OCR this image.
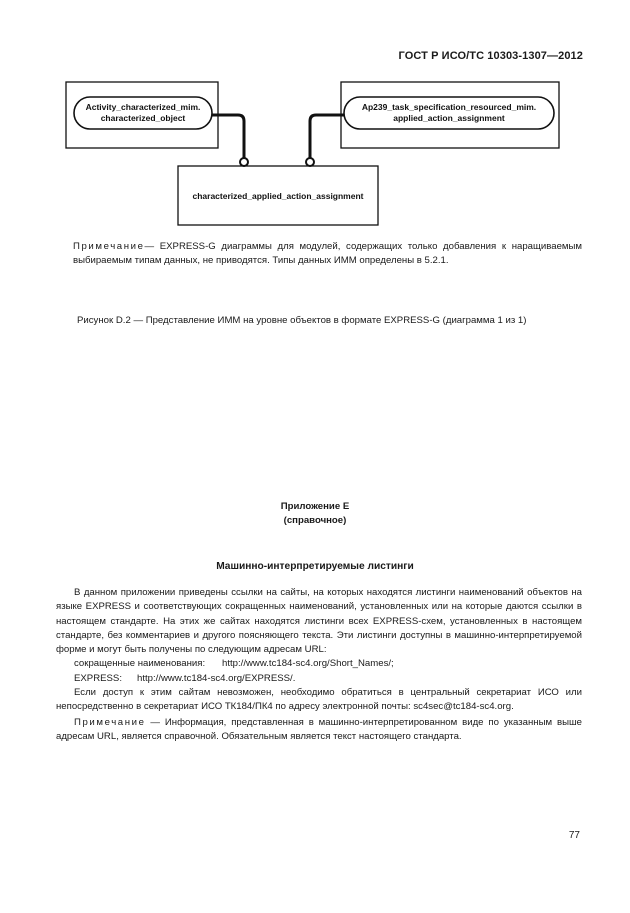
ГОСТ Р ИСО/ТС 10303-1307—2012
Activity_characterized_mim.
characterized_object
Ap239_task_specification_resourced_mim.
applied_action_assignment
characterized_applied_action_assignment
Примечание— EXPRESS-G диаграммы для модулей, содержащих только добавления к наращиваемым выбираемым типам данных, не приводятся. Типы данных ИММ определены в 5.2.1.
Рисунок D.2 — Представление ИММ на уровне объектов в формате EXPRESS-G (диаграмма 1 из 1)
Приложение E
(справочное)
Машинно-интерпретируемые листинги
В данном приложении приведены ссылки на сайты, на которых находятся листинги наименований объектов на языке EXPRESS и соответствующих сокращенных наименований, установленных или на которые даются ссылки в настоящем стандарте. На этих же сайтах находятся листинги всех EXPRESS-схем, установленных в настоящем стандарте, без комментариев и другого поясняющего текста. Эти листинги доступны в машинно-интерпретируемой форме и могут быть получены по следующим адресам URL:
сокращенные наименования: http://www.tc184-sc4.org/Short_Names/;
EXPRESS: http://www.tc184-sc4.org/EXPRESS/.
Если доступ к этим сайтам невозможен, необходимо обратиться в центральный секретариат ИСО или непосредственно в секретариат ИСО ТК184/ПК4 по адресу электронной почты: sc4sec@tc184-sc4.org.
Примечание — Информация, представленная в машинно-интерпретированном виде по указанным выше адресам URL, является справочной. Обязательным является текст настоящего стандарта.
77
